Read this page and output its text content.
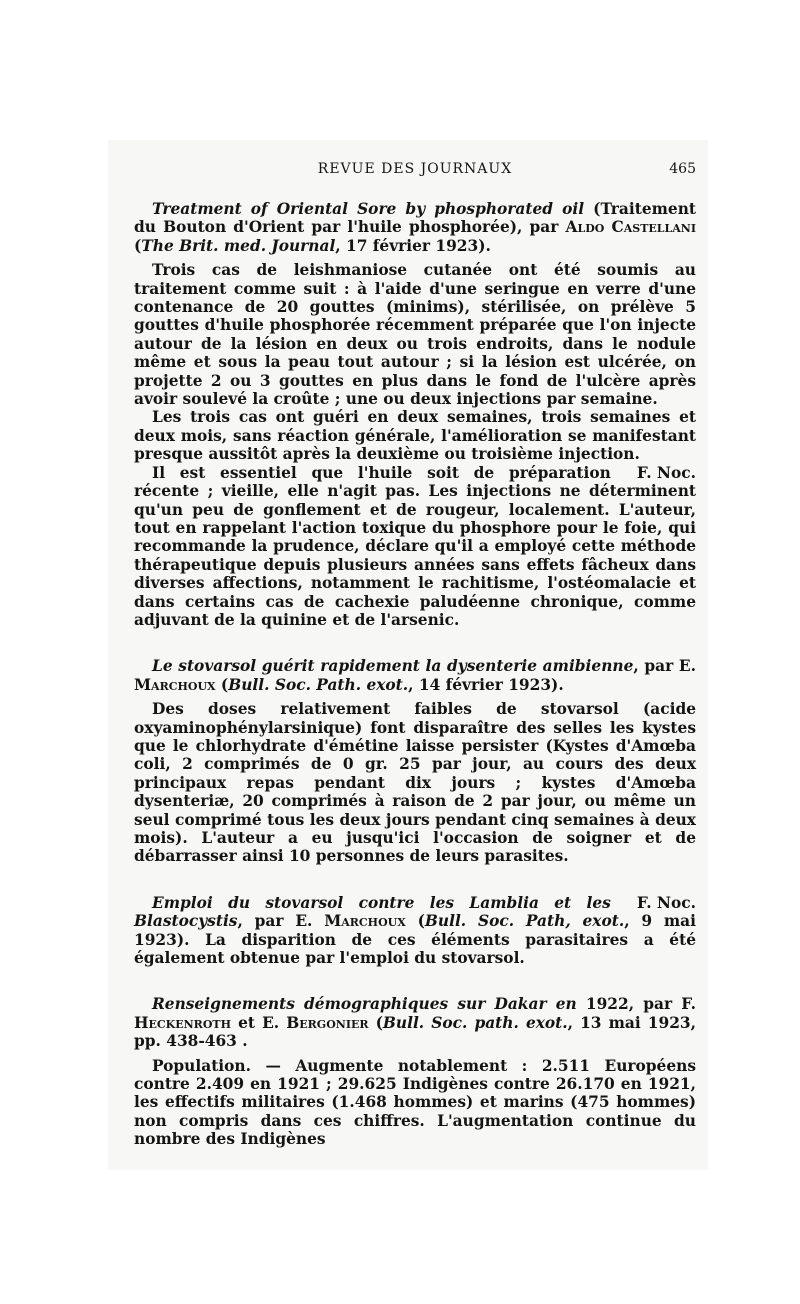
REVUE DES JOURNAUX	465

Treatment of Oriental Sore by phosphorated oil (Traitement du Bouton d'Orient par l'huile phosphorée), par Aldo Castellani (The Brit. med. Journal, 17 février 1923).

Trois cas de leishmaniose cutanée ont été soumis au traitement comme suit : à l'aide d'une seringue en verre d'une contenance de 20 gouttes (minims), stérilisée, on prélève 5 gouttes d'huile phosphorée récemment préparée que l'on injecte autour de la lésion en deux ou trois endroits, dans le nodule même et sous la peau tout autour ; si la lésion est ulcérée, on projette 2 ou 3 gouttes en plus dans le fond de l'ulcère après avoir soulevé la croûte ; une ou deux injections par semaine.

Les trois cas ont guéri en deux semaines, trois semaines et deux mois, sans réaction générale, l'amélioration se manifestant presque aussitôt après la deuxième ou troisième injection.

F. Noc.
Il est essentiel que l'huile soit de préparation récente ; vieille, elle n'agit pas. Les injections ne déterminent qu'un peu de gonflement et de rougeur, localement. L'auteur, tout en rappelant l'action toxique du phosphore pour le foie, qui recommande la prudence, déclare qu'il a employé cette méthode thérapeutique depuis plusieurs années sans effets fâcheux dans diverses affections, notamment le rachitisme, l'ostéomalacie et dans certains cas de cachexie paludéenne chronique, comme adjuvant de la quinine et de l'arsenic.

Le stovarsol guérit rapidement la dysenterie amibienne, par E. Marchoux (Bull. Soc. Path. exot., 14 février 1923).

Des doses relativement faibles de stovarsol (acide oxyaminophénylarsinique) font disparaître des selles les kystes que le chlorhydrate d'émétine laisse persister (Kystes d'Amœba coli, 2 comprimés de 0 gr. 25 par jour, au cours des deux principaux repas pendant dix jours ; kystes d'Amœba dysenteriæ, 20 comprimés à raison de 2 par jour, ou même un seul comprimé tous les deux jours pendant cinq semaines à deux mois). L'auteur a eu jusqu'ici l'occasion de soigner et de débarrasser ainsi 10 personnes de leurs parasites.

F. Noc.
Emploi du stovarsol contre les Lamblia et les Blastocystis, par E. Marchoux (Bull. Soc. Path, exot., 9 mai 1923). La disparition de ces éléments parasitaires a été également obtenue par l'emploi du stovarsol.

Renseignements démographiques sur Dakar en 1922, par F. Heckenroth et E. Bergonier (Bull. Soc. path. exot., 13 mai 1923, pp. 438-463 .

Population. — Augmente notablement : 2.511 Européens contre 2.409 en 1921 ; 29.625 Indigènes contre 26.170 en 1921, les effectifs militaires (1.468 hommes) et marins (475 hommes) non compris dans ces chiffres. L'augmentation continue du nombre des Indigènes
